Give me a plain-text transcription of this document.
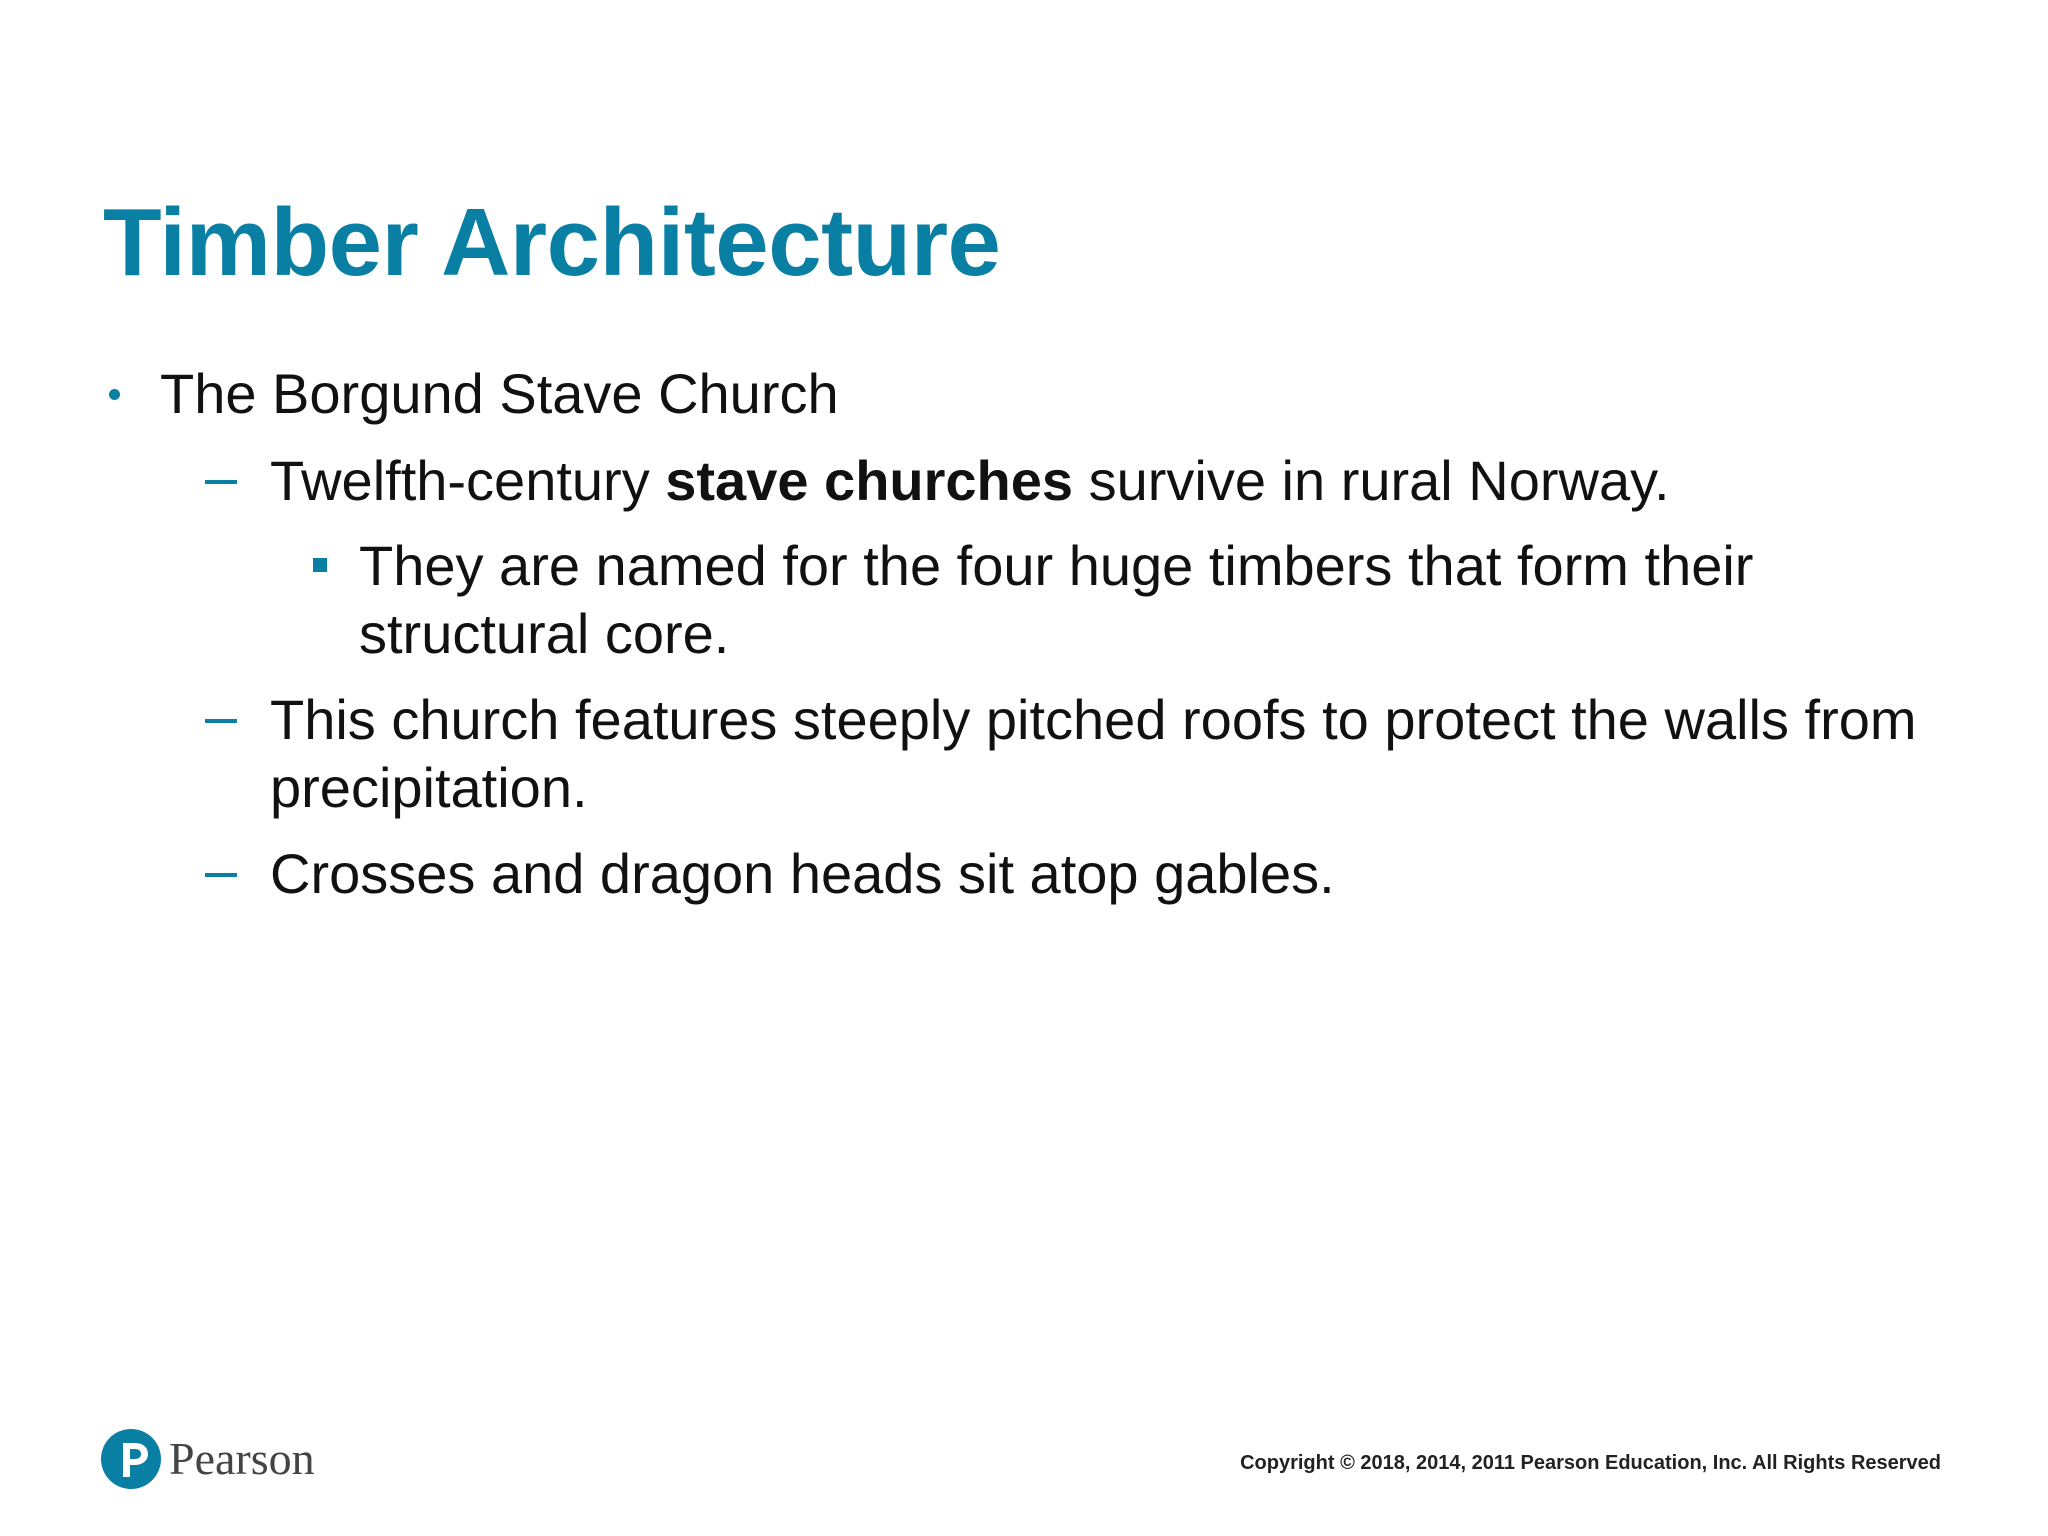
Timber Architecture
The Borgund Stave Church
Twelfth-century stave churches survive in rural Norway.
They are named for the four huge timbers that form their
structural core.
This church features steeply pitched roofs to protect the walls from
precipitation.
Crosses and dragon heads sit atop gables.
Pearson	Copyright © 2018, 2014, 2011 Pearson Education, Inc. All Rights Reserved
